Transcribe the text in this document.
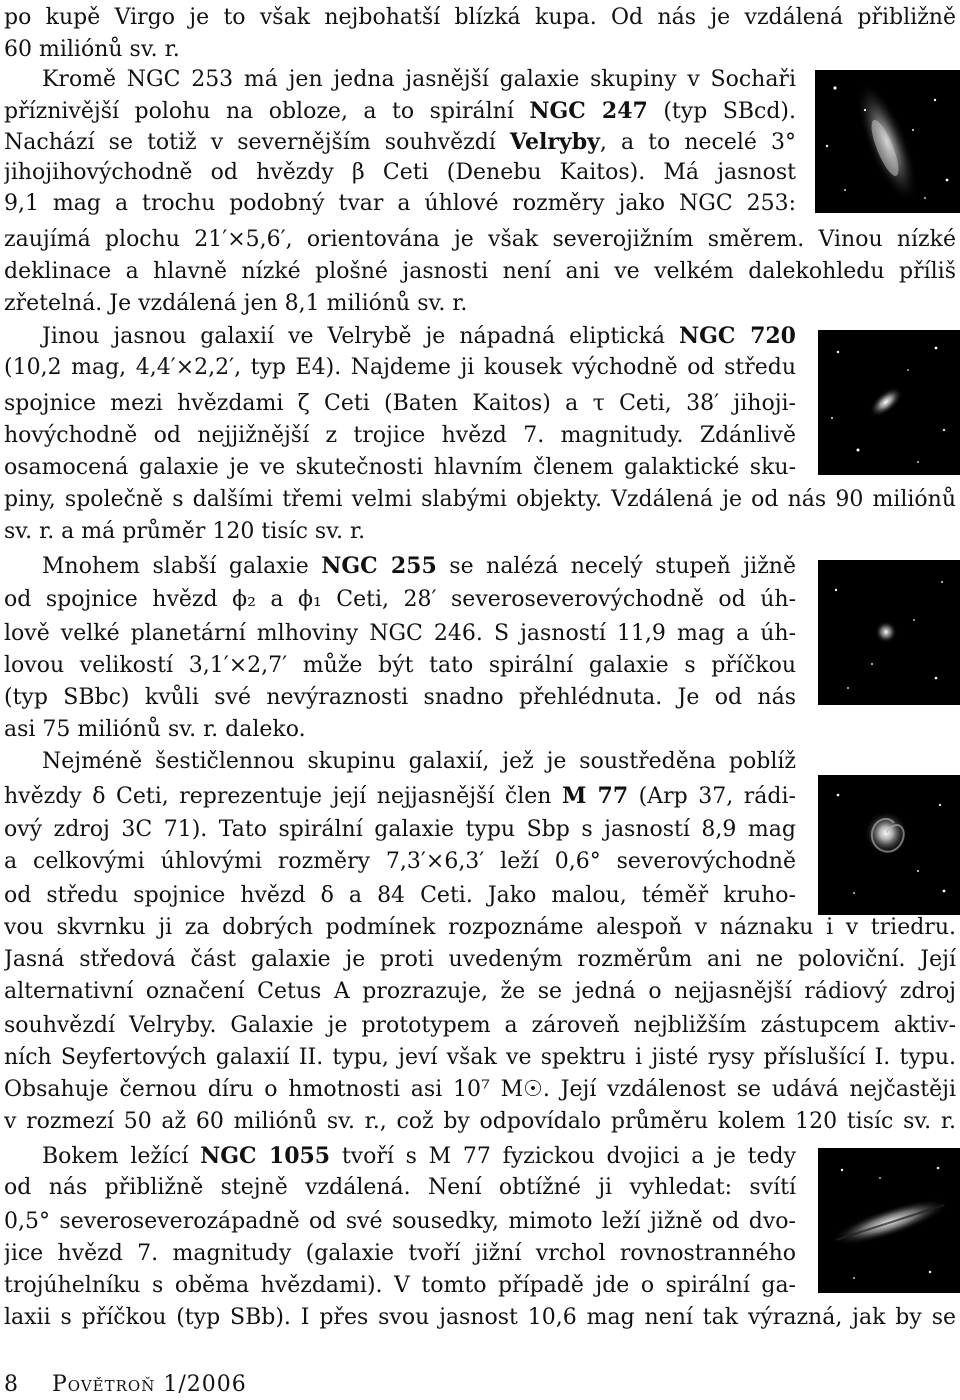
po kupě Virgo je to však nejbohatší blízká kupa. Od nás je vzdálená přibližně
60 miliónů sv. r.
Kromě NGC 253 má jen jedna jasnější galaxie skupiny v Sochaři
příznivější polohu na obloze, a to spirální NGC 247 (typ SBcd).
Nachází se totiž v severnějším souhvězdí Velryby, a to necelé 3°
jihojihovýchodně od hvězdy β Ceti (Denebu Kaitos). Má jasnost
9,1 mag a trochu podobný tvar a úhlové rozměry jako NGC 253:
zaujímá plochu 21′×5,6′, orientována je však severojižním směrem. Vinou nízké
deklinace a hlavně nízké plošné jasnosti není ani ve velkém dalekohledu příliš
zřetelná. Je vzdálená jen 8,1 miliónů sv. r.
Jinou jasnou galaxií ve Velrybě je nápadná eliptická NGC 720
(10,2 mag, 4,4′×2,2′, typ E4). Najdeme ji kousek východně od středu
spojnice mezi hvězdami ζ Ceti (Baten Kaitos) a τ Ceti, 38′ jihoji-
hovýchodně od nejjižnější z trojice hvězd 7. magnitudy. Zdánlivě
osamocená galaxie je ve skutečnosti hlavním členem galaktické sku-
piny, společně s dalšími třemi velmi slabými objekty. Vzdálená je od nás 90 miliónů
sv. r. a má průměr 120 tisíc sv. r.
Mnohem slabší galaxie NGC 255 se nalézá necelý stupeň jižně
od spojnice hvězd ϕ₂ a ϕ₁ Ceti, 28′ severoseverovýchodně od úh-
lově velké planetární mlhoviny NGC 246. S jasností 11,9 mag a úh-
lovou velikostí 3,1′×2,7′ může být tato spirální galaxie s příčkou
(typ SBbc) kvůli své nevýraznosti snadno přehlédnuta. Je od nás
asi 75 miliónů sv. r. daleko.
Nejméně šestičlennou skupinu galaxií, jež je soustředěna poblíž
hvězdy δ Ceti, reprezentuje její nejjasnější člen M 77 (Arp 37, rádi-
ový zdroj 3C 71). Tato spirální galaxie typu Sbp s jasností 8,9 mag
a celkovými úhlovými rozměry 7,3′×6,3′ leží 0,6° severovýchodně
od středu spojnice hvězd δ a 84 Ceti. Jako malou, téměř kruho-
vou skvrnku ji za dobrých podmínek rozpoznáme alespoň v náznaku i v triedru.
Jasná středová část galaxie je proti uvedeným rozměrům ani ne poloviční. Její
alternativní označení Cetus A prozrazuje, že se jedná o nejjasnější rádiový zdroj
souhvězdí Velryby. Galaxie je prototypem a zároveň nejbližším zástupcem aktiv-
ních Seyfertových galaxií II. typu, jeví však ve spektru i jisté rysy příslušící I. typu.
Obsahuje černou díru o hmotnosti asi 10⁷ M☉. Její vzdálenost se udává nejčastěji
v rozmezí 50 až 60 miliónů sv. r., což by odpovídalo průměru kolem 120 tisíc sv. r.
Bokem ležící NGC 1055 tvoří s M 77 fyzickou dvojici a je tedy
od nás přibližně stejně vzdálená. Není obtížné ji vyhledat: svítí
0,5° severoseverozápadně od své sousedky, mimoto leží jižně od dvo-
jice hvězd 7. magnitudy (galaxie tvoří jižní vrchol rovnostranného
trojúhelníku s oběma hvězdami). V tomto případě jde o spirální ga-
laxii s příčkou (typ SBb). I přes svou jasnost 10,6 mag není tak výrazná, jak by se
8 Povětroň 1/2006
